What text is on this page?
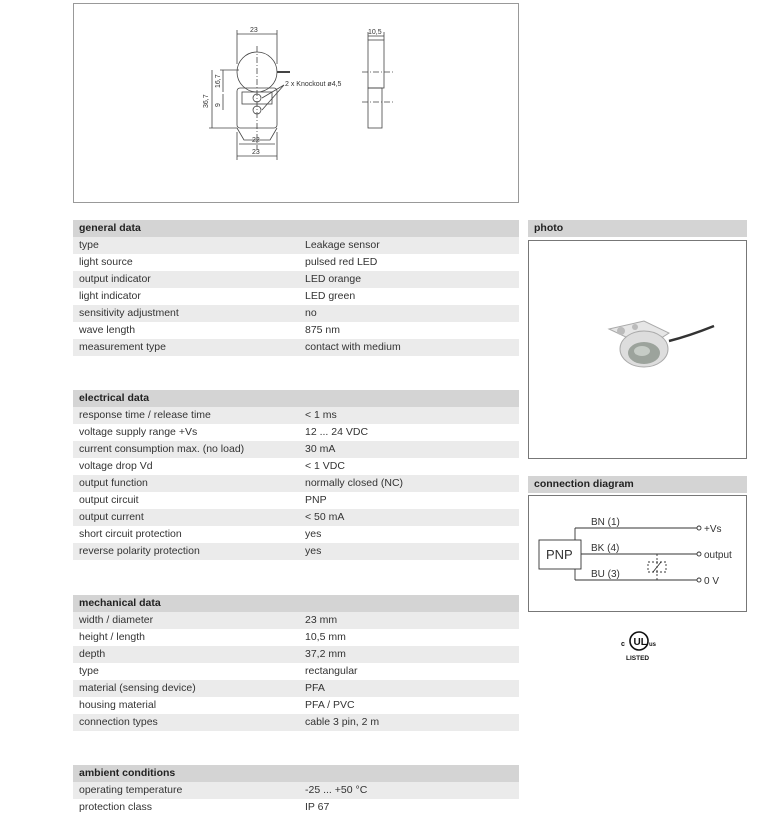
23	10,5
36,7
16,7
9
2 x Knockout ø4,5
22
23
general data
type	Leakage sensor
light source	pulsed red LED
output indicator	LED orange
light indicator	LED green
sensitivity adjustment	no
wave length	875 nm
measurement type	contact with medium
electrical data
response time / release time	< 1 ms
voltage supply range +Vs	12 ... 24 VDC
current consumption max. (no load)	30 mA
voltage drop Vd	< 1 VDC
output function	normally closed (NC)
output circuit	PNP
output current	< 50 mA
short circuit protection	yes
reverse polarity protection	yes
mechanical data
width / diameter	23 mm
height / length	10,5 mm
depth	37,2 mm
type	rectangular
material (sensing device)	PFA
housing material	PFA / PVC
connection types	cable 3 pin, 2 m
ambient conditions
operating temperature	-25 ... +50 °C
protection class	IP 67
photo
connection diagram
PNP
BN (1)
BK (4)
BU (3)
+Vs
output
0 V
UL
c	us
LISTED
